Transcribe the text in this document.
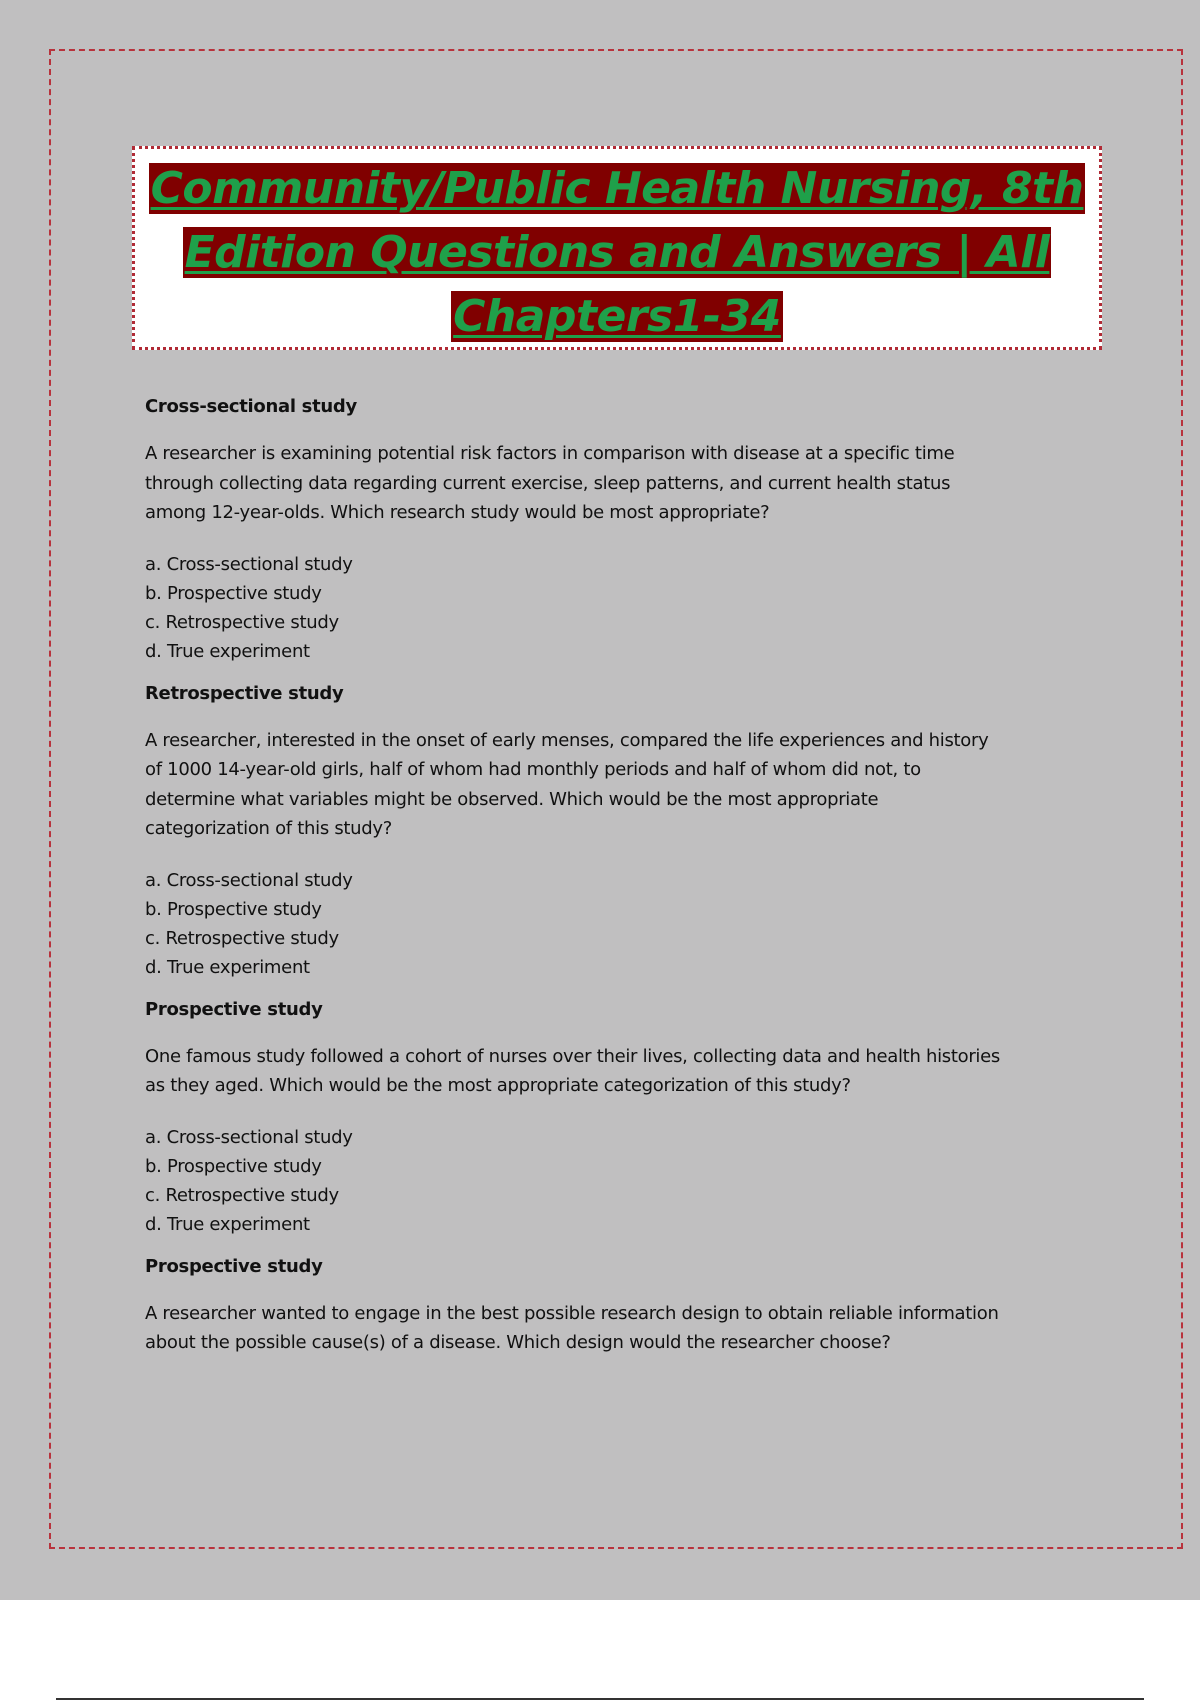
Community/Public Health Nursing, 8th
Edition Questions and Answers | All
Chapters1-34
Cross-sectional study

A researcher is examining potential risk factors in comparison with disease at a specific time through collecting data regarding current exercise, sleep patterns, and current health status among 12-year-olds. Which research study would be most appropriate?

a. Cross-sectional study
b. Prospective study
c. Retrospective study
d. True experiment
Retrospective study

A researcher, interested in the onset of early menses, compared the life experiences and history of 1000 14-year-old girls, half of whom had monthly periods and half of whom did not, to determine what variables might be observed. Which would be the most appropriate categorization of this study?

a. Cross-sectional study
b. Prospective study
c. Retrospective study
d. True experiment
Prospective study

One famous study followed a cohort of nurses over their lives, collecting data and health histories as they aged. Which would be the most appropriate categorization of this study?

a. Cross-sectional study
b. Prospective study
c. Retrospective study
d. True experiment
Prospective study

A researcher wanted to engage in the best possible research design to obtain reliable information about the possible cause(s) of a disease. Which design would the researcher choose?
